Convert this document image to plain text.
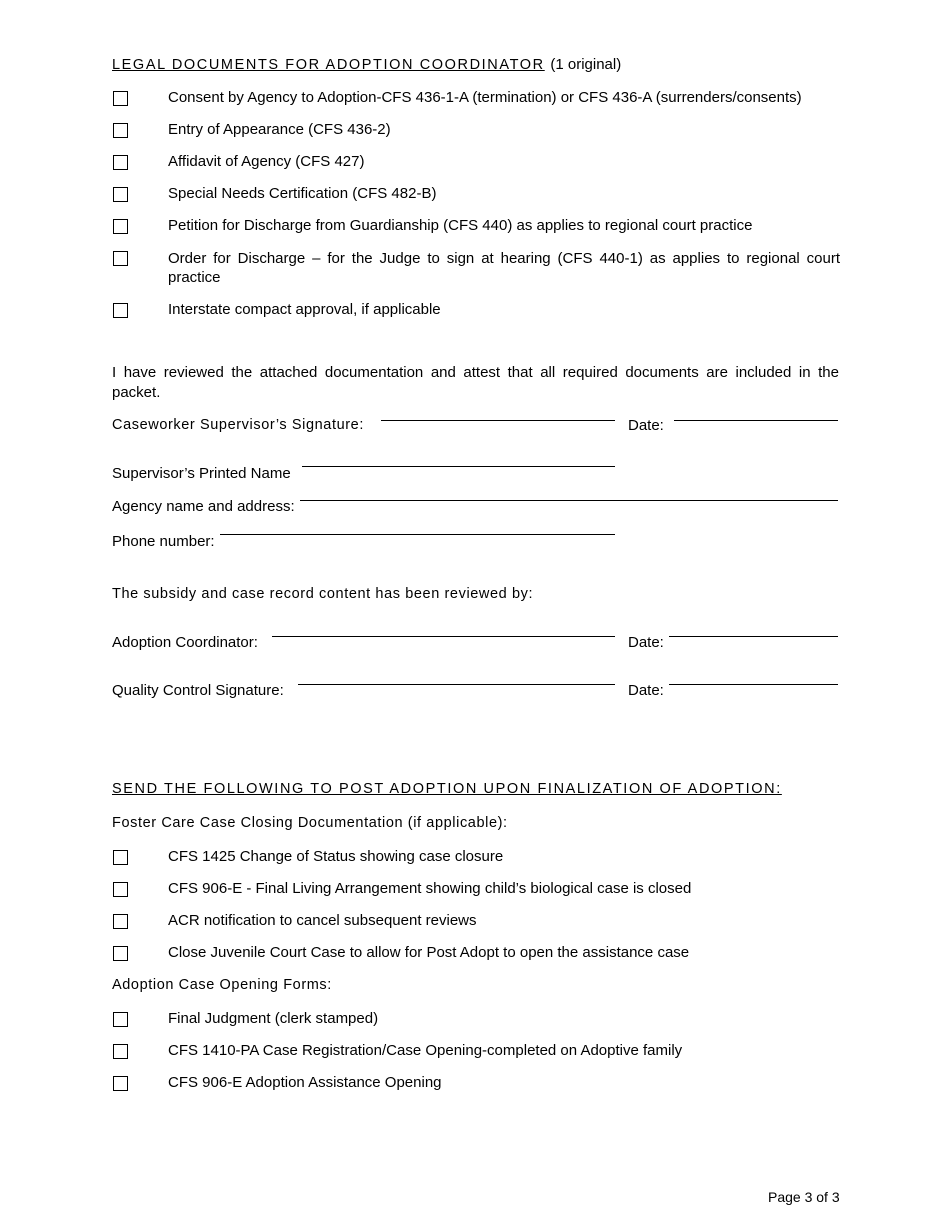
LEGAL DOCUMENTS FOR ADOPTION COORDINATOR (1 original)
Consent by Agency to Adoption-CFS 436-1-A (termination) or CFS 436-A (surrenders/consents)
Entry of Appearance (CFS 436-2)
Affidavit of Agency (CFS 427)
Special Needs Certification (CFS 482-B)
Petition for Discharge from Guardianship (CFS 440) as applies to regional court practice
Order for Discharge – for the Judge to sign at hearing (CFS 440-1) as applies to regional court practice
Interstate compact approval, if applicable
I have reviewed the attached documentation and attest that all required documents are included in the packet.
Caseworker Supervisor’s Signature:	Date:
Supervisor’s Printed Name
Agency name and address:
Phone number:
The subsidy and case record content has been reviewed by:
Adoption Coordinator:	Date:
Quality Control Signature:	Date:
SEND THE FOLLOWING TO POST ADOPTION UPON FINALIZATION OF ADOPTION:
Foster Care Case Closing Documentation (if applicable):
CFS 1425 Change of Status showing case closure
CFS 906-E - Final Living Arrangement showing child’s biological case is closed
ACR notification to cancel subsequent reviews
Close Juvenile Court Case to allow for Post Adopt to open the assistance case
Adoption Case Opening Forms:
Final Judgment (clerk stamped)
CFS 1410-PA Case Registration/Case Opening-completed on Adoptive family
CFS 906-E Adoption Assistance Opening
Page 3 of 3
